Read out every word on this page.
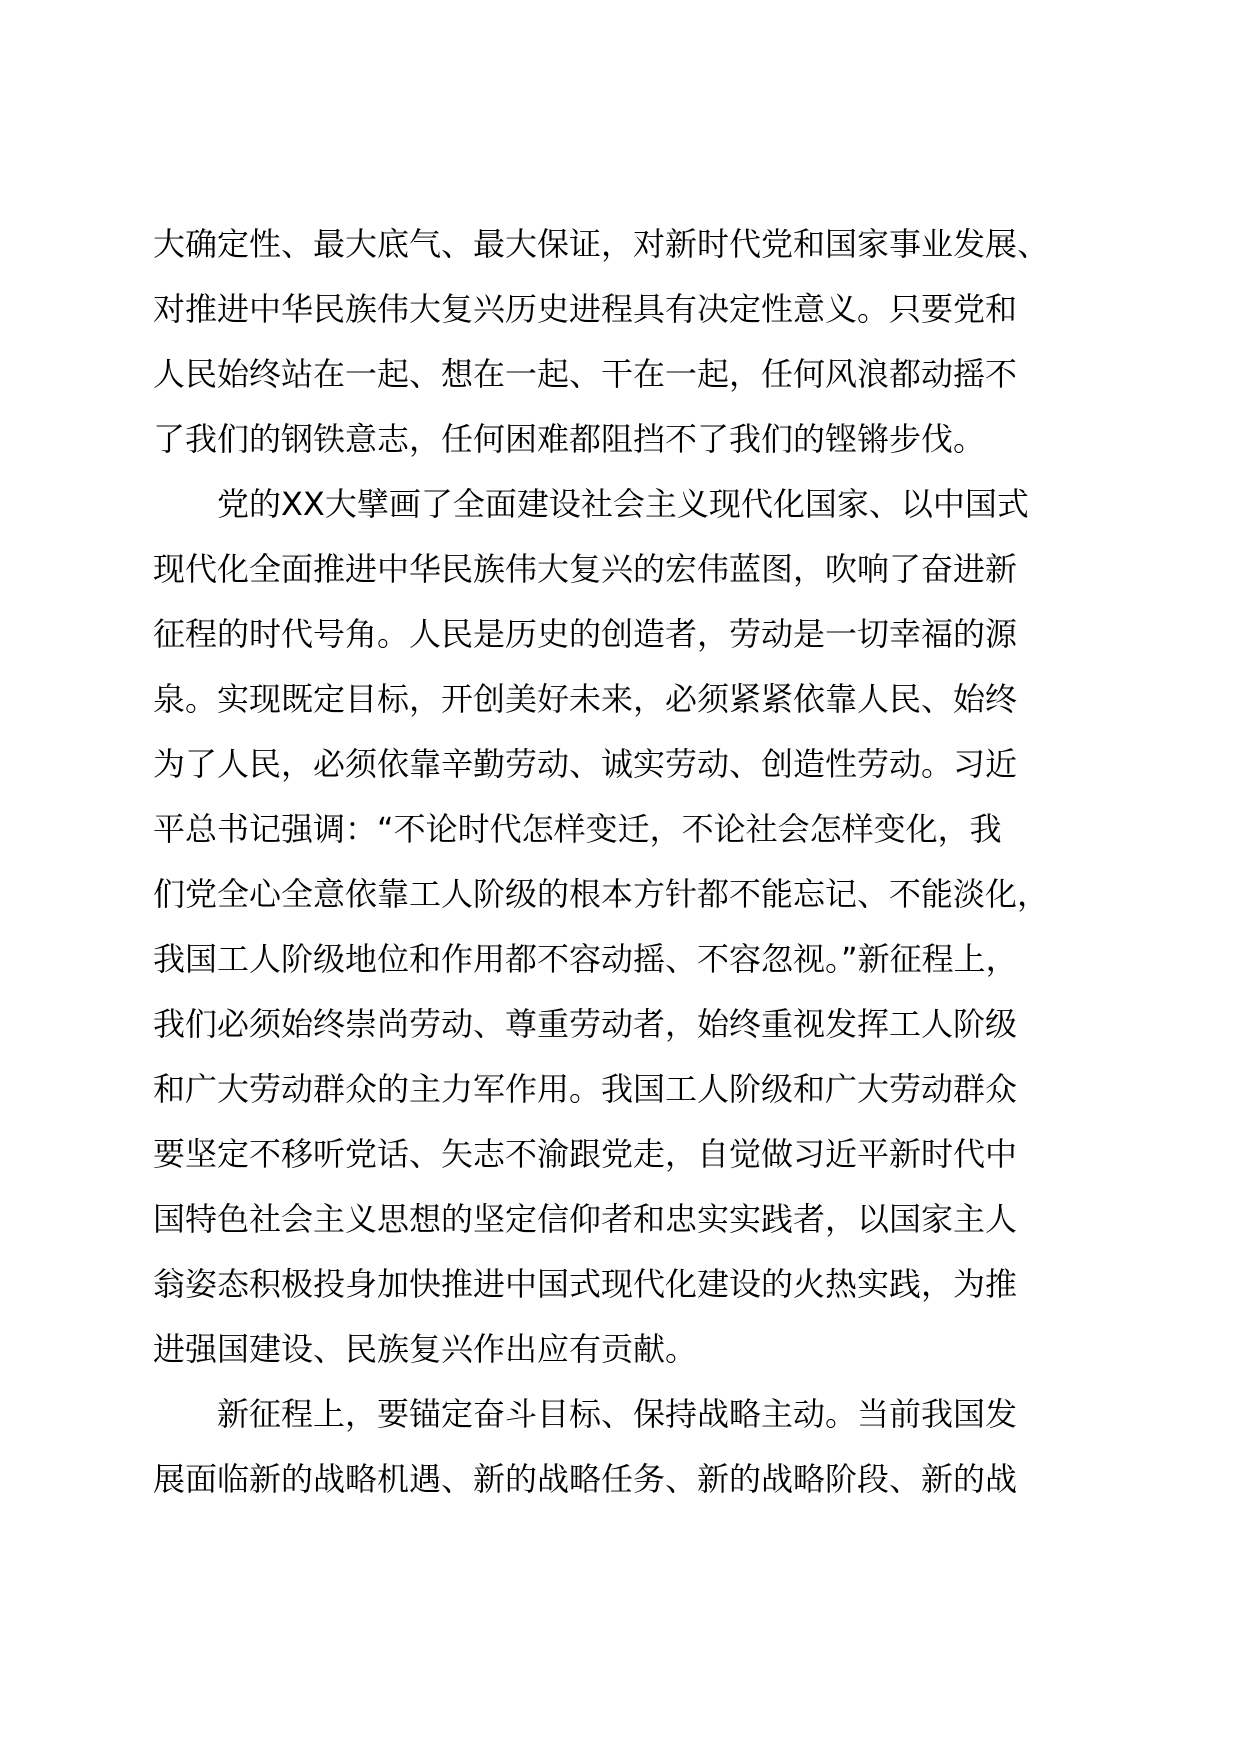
大确定性、最大底气、最大保证，对新时代党和国家事业发展、
对推进中华民族伟大复兴历史进程具有决定性意义。只要党和
人民始终站在一起、想在一起、干在一起，任何风浪都动摇不
了我们的钢铁意志，任何困难都阻挡不了我们的铿锵步伐。
党的XX大擘画了全面建设社会主义现代化国家、以中国式
现代化全面推进中华民族伟大复兴的宏伟蓝图，吹响了奋进新
征程的时代号角。人民是历史的创造者，劳动是一切幸福的源
泉。实现既定目标，开创美好未来，必须紧紧依靠人民、始终
为了人民，必须依靠辛勤劳动、诚实劳动、创造性劳动。习近
平总书记强调：“不论时代怎样变迁，不论社会怎样变化，我
们党全心全意依靠工人阶级的根本方针都不能忘记、不能淡化，
我国工人阶级地位和作用都不容动摇、不容忽视。”新征程上，
我们必须始终崇尚劳动、尊重劳动者，始终重视发挥工人阶级
和广大劳动群众的主力军作用。我国工人阶级和广大劳动群众
要坚定不移听党话、矢志不渝跟党走，自觉做习近平新时代中
国特色社会主义思想的坚定信仰者和忠实实践者，以国家主人
翁姿态积极投身加快推进中国式现代化建设的火热实践，为推
进强国建设、民族复兴作出应有贡献。
新征程上，要锚定奋斗目标、保持战略主动。当前我国发
展面临新的战略机遇、新的战略任务、新的战略阶段、新的战
